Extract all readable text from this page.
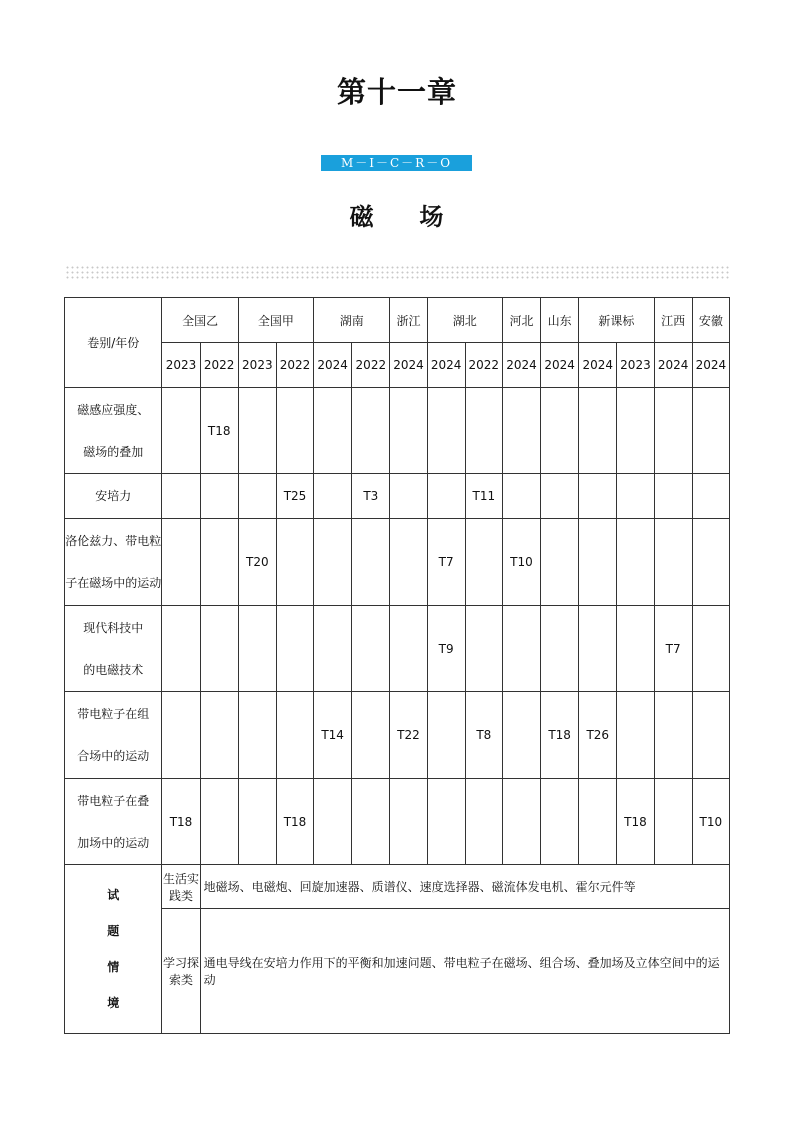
第十一章
M－I－C－R－O
磁 场
卷别/年份	全国乙		全国甲		湖南		浙江	湖北		河北	山东	新课标		江西	安徽
	2023	2022	2023	2022	2024	2022	2024	2024	2022	2024	2024	2024	2023	2024	2024

磁感应强度、
磁场的叠加		T18													

安培力				T25		T3			T11						

洛伦兹力、带电粒
子在磁场中的运动			T20					T7		T10					

现代科技中
的电磁技术								T9						T7	

带电粒子在组
合场中的运动					T14		T22		T8		T18	T26			

带电粒子在叠
加场中的运动	T18			T18									T18		T10

试
题
情
境	生活实践类	地磁场、电磁炮、回旋加速器、质谱仪、速度选择器、磁流体发电机、霍尔元件等													
	学习探索类	通电导线在安培力作用下的平衡和加速问题、带电粒子在磁场、组合场、叠加场及立体空间中的运动													
